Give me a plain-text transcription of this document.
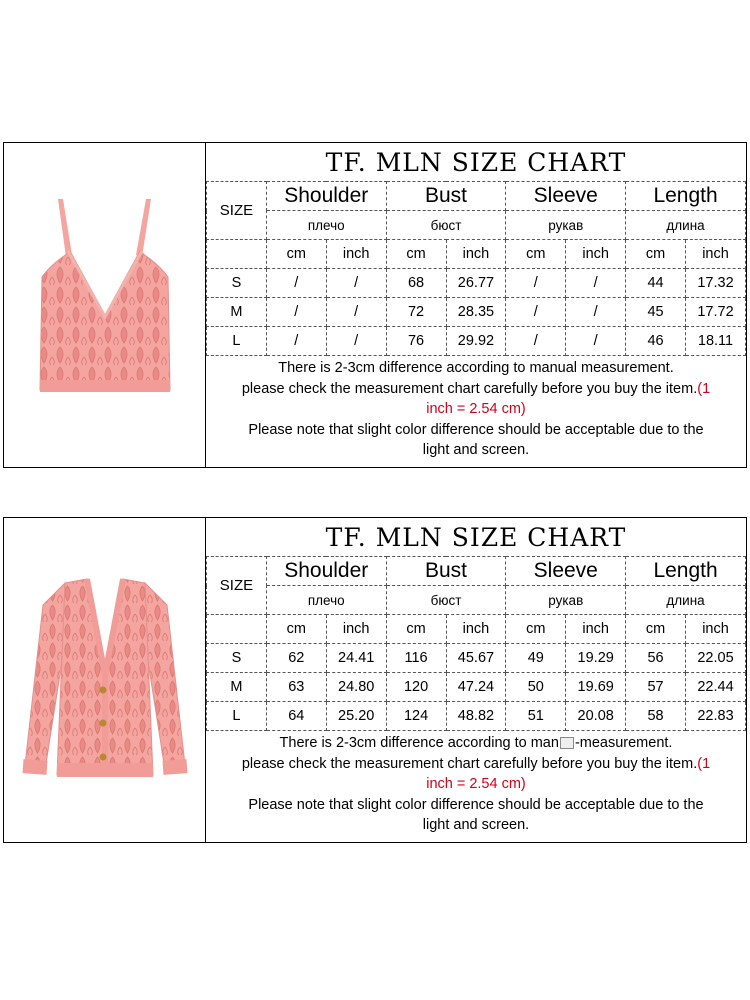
TF. MLN SIZE CHART
SIZE	Shoulder		Bust		Sleeve		Length	
	плечо		бюст		рукав		длина	
	cm	inch	cm	inch	cm	inch	cm	inch
S	/	/	68	26.77	/	/	44	17.32
M	/	/	72	28.35	/	/	45	17.72
L	/	/	76	29.92	/	/	46	18.11
There is 2-3cm difference according to manual measurement.
please check the measurement chart carefully before you buy the item.(1
inch = 2.54 cm)
Please note that slight color difference should be acceptable due to the
light and screen.
TF. MLN SIZE CHART
SIZE	Shoulder		Bust		Sleeve		Length	
	плечо		бюст		рукав		длина	
	cm	inch	cm	inch	cm	inch	cm	inch
S	62	24.41	116	45.67	49	19.29	56	22.05
M	63	24.80	120	47.24	50	19.69	57	22.44
L	64	25.20	124	48.82	51	20.08	58	22.83
There is 2-3cm difference according to man -measurement.
please check the measurement chart carefully before you buy the item.(1
inch = 2.54 cm)
Please note that slight color difference should be acceptable due to the
light and screen.
